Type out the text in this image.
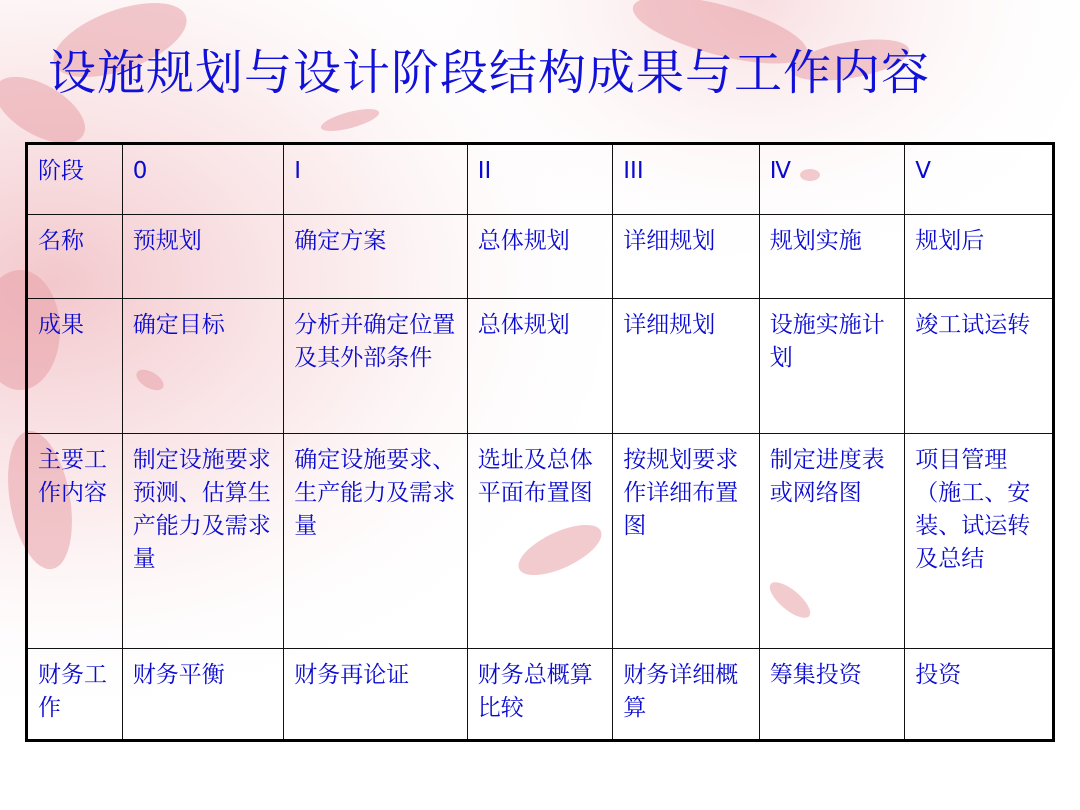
设施规划与设计阶段结构成果与工作内容
阶段	0	I	II	III	Ⅳ	V
名称	预规划	确定方案	总体规划	详细规划	规划实施	规划后
成果	确定目标	分析并确定位置及其外部条件	总体规划	详细规划	设施实施计划	竣工试运转
主要工作内容	制定设施要求预测、估算生产能力及需求量	确定设施要求、生产能力及需求量	选址及总体平面布置图	按规划要求作详细布置图	制定进度表或网络图	项目管理（施工、安装、试运转及总结
财务工作	财务平衡	财务再论证	财务总概算比较	财务详细概算	筹集投资	投资
